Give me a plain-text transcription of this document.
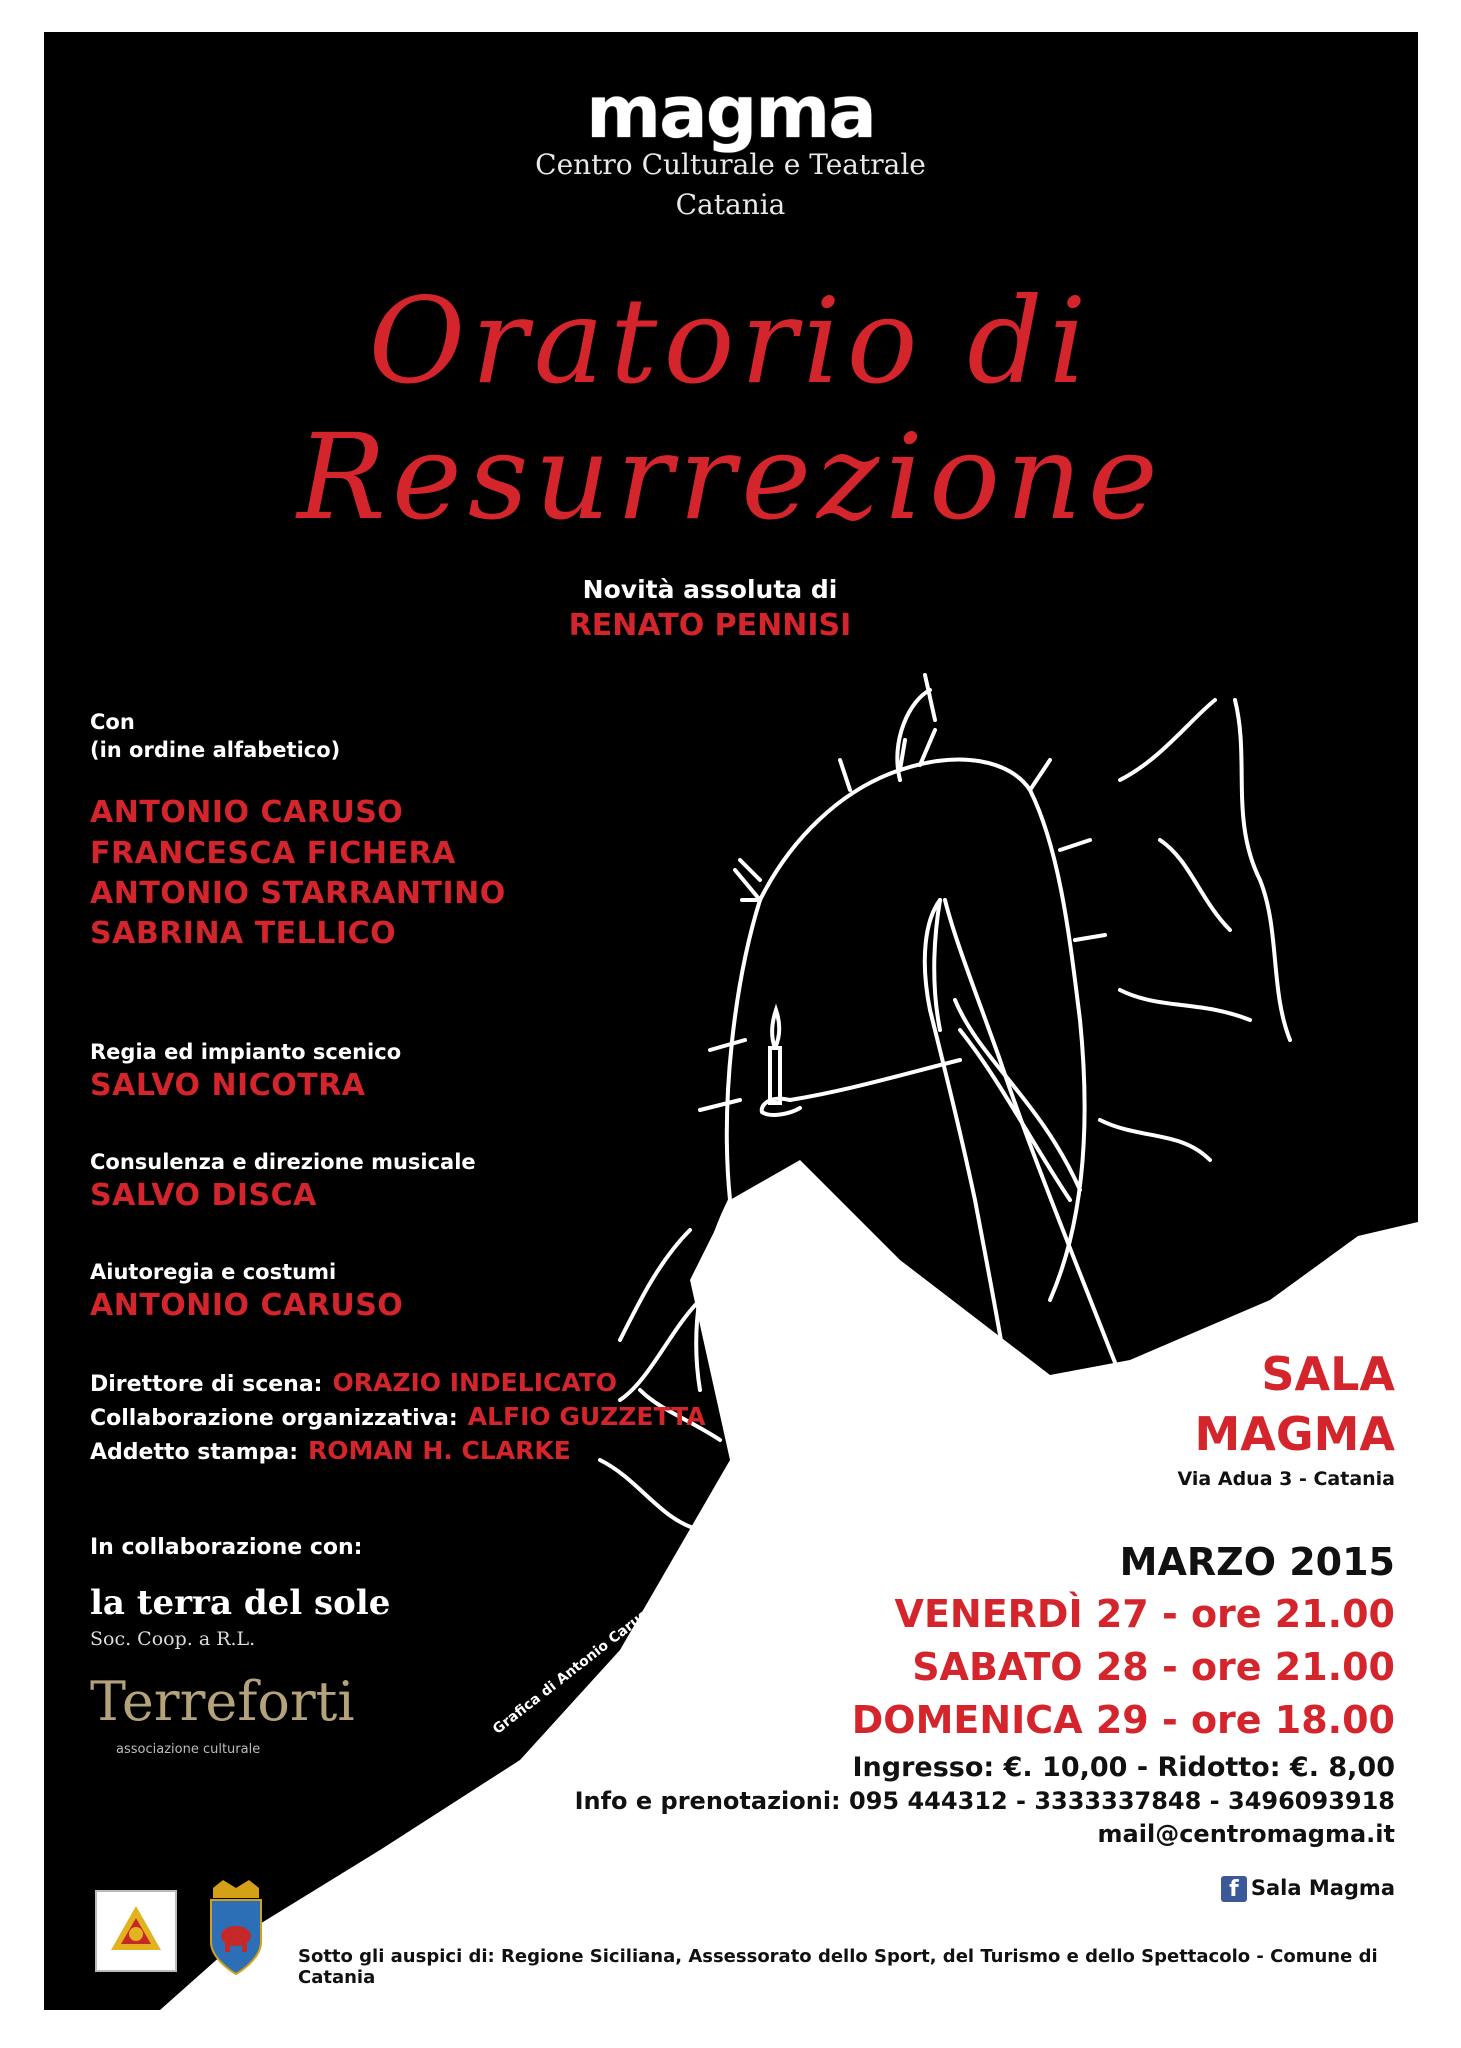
magma
Centro Culturale e Teatrale
Catania
Oratorio di
Resurrezione
Novità assoluta di
RENATO PENNISI
Con
(in ordine alfabetico)
ANTONIO CARUSO
FRANCESCA FICHERA
ANTONIO STARRANTINO
SABRINA TELLICO
Regia ed impianto scenico
SALVO NICOTRA
Consulenza e direzione musicale
SALVO DISCA
Aiutoregia e costumi
ANTONIO CARUSO
Direttore di scena: ORAZIO INDELICATO
Collaborazione organizzativa: ALFIO GUZZETTA
Addetto stampa: ROMAN H. CLARKE
In collaborazione con:
la terra del sole
Soc. Coop. a R.L.
Terreforti
associazione culturale
Grafica di Antonio Caruso
SALA
MAGMA
Via Adua 3 - Catania
MARZO 2015
VENERDÌ 27 - ore 21.00
SABATO 28 - ore 21.00
DOMENICA 29 - ore 18.00
Ingresso: €. 10,00 - Ridotto: €. 8,00
Info e prenotazioni: 095 444312 - 3333337848 - 3496093918
mail@centromagma.it
f Sala Magma
Sotto gli auspici di: Regione Siciliana, Assessorato dello Sport, del Turismo e dello Spettacolo - Comune di Catania
